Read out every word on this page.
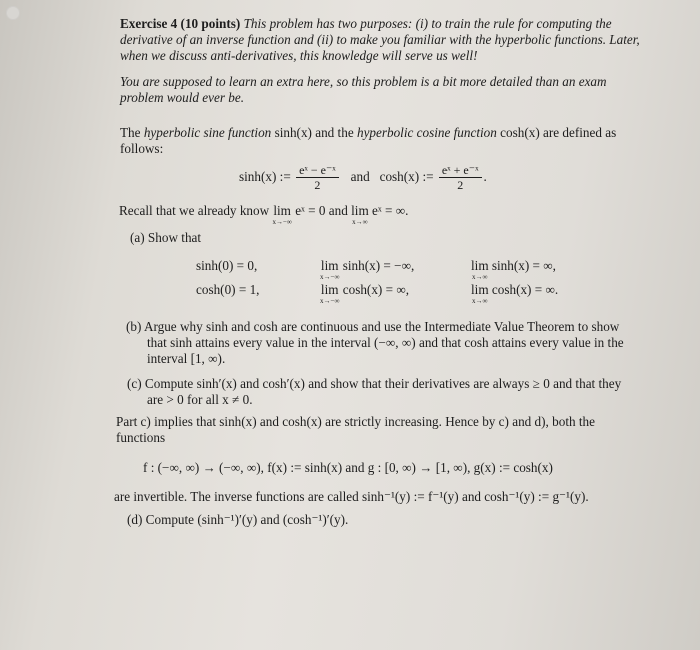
Exercise 4 (10 points) This problem has two purposes: (i) to train the rule for computing the
derivative of an inverse function and (ii) to make you familiar with the hyperbolic functions. Later,
when we discuss anti-derivatives, this knowledge will serve us well!
You are supposed to learn an extra here, so this problem is a bit more detailed than an exam
problem would ever be.
The hyperbolic sine function sinh(x) and the hyperbolic cosine function cosh(x) are defined as
follows:
sinh(x) := $\frac{\text{eˣ − e⁻ˣ}}{2}$ and cosh(x) := $\frac{\text{eˣ + e⁻ˣ}}{2}$ .
Recall that we already know lim
x→−∞
eˣ = 0 and lim
x→∞
eˣ = ∞.
(a) Show that
sinh(0) = 0,
cosh(0) = 1,
lim
x→−∞
sinh(x) = −∞,
lim
x→−∞
cosh(x) = ∞,
lim
x→∞
sinh(x) = ∞,
lim
x→∞
cosh(x) = ∞.
(b) Argue why sinh and cosh are continuous and use the Intermediate Value Theorem to show
that sinh attains every value in the interval (−∞, ∞) and that cosh attains every value in the
interval [1, ∞).
(c) Compute sinh′(x) and cosh′(x) and show that their derivatives are always ≥ 0 and that they
are > 0 for all x ≠ 0.
Part c) implies that sinh(x) and cosh(x) are strictly increasing. Hence by c) and d), both the
functions
f : (−∞, ∞) → (−∞, ∞), f(x) := sinh(x) and g : [0, ∞) → [1, ∞), g(x) := cosh(x)
are invertible. The inverse functions are called sinh⁻¹(y) := f⁻¹(y) and cosh⁻¹(y) := g⁻¹(y).
(d) Compute (sinh⁻¹)′(y) and (cosh⁻¹)′(y).
